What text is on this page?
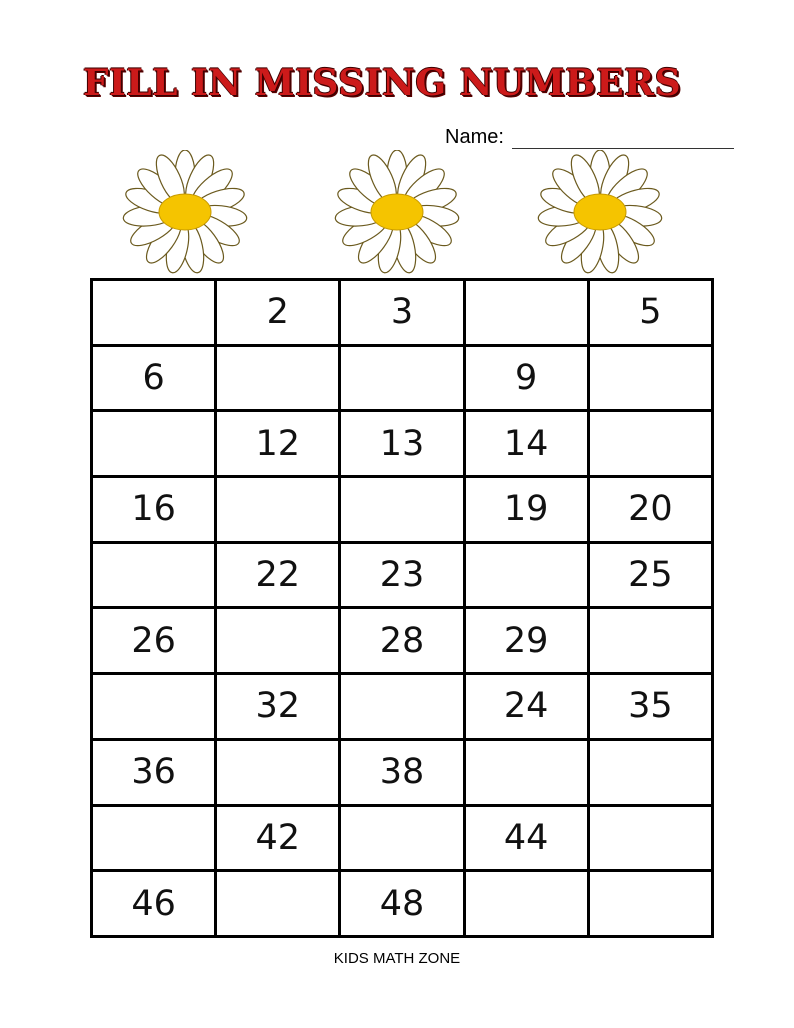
FILL IN MISSING NUMBERS
Name:
	2	3		5
6			9	
	12	13	14	
16			19	20
	22	23		25
26		28	29	
	32		24	35
36		38		
	42		44	
46		48		
KIDS MATH ZONE
